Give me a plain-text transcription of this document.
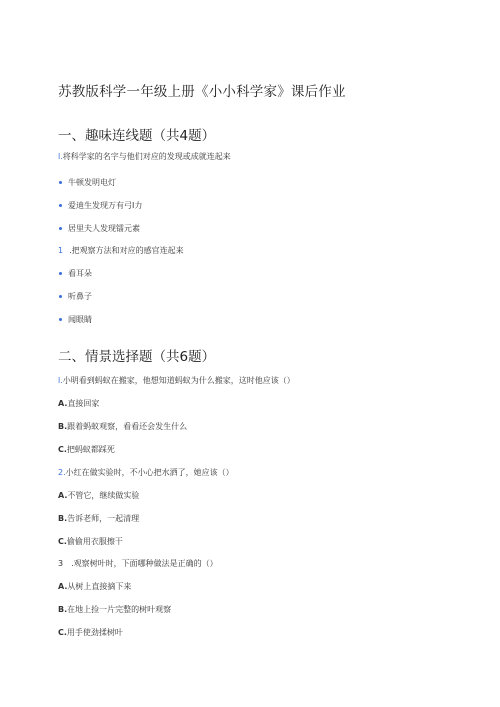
苏教版科学一年级上册《小小科学家》课后作业
一、趣味连线题（共4题）
l.将科学家的名字与他们对应的发现或成就连起来
牛顿发明电灯
爱迪生发现万有弓I力
居里夫人发现镭元素
1 .把观察方法和对应的感官连起来
看耳朵
听鼻子
闻眼睛
二、情景选择题（共6题）
l.小明看到蚂蚁在搬家，他想知道蚂蚁为什么搬家，这时他应该（）
A.直接回家
B.跟着蚂蚁观察，看看还会发生什么
C.把蚂蚁都踩死
2.小红在做实验时，不小心把水洒了，她应该（）
A.不管它，继续做实验
B.告诉老师，一起清理
C.偷偷用衣服擦干
3 .观察树叶时，下面哪种做法是正确的（）
A.从树上直接摘下来
B.在地上捡一片完整的树叶观察
C.用手使劲揉树叶
